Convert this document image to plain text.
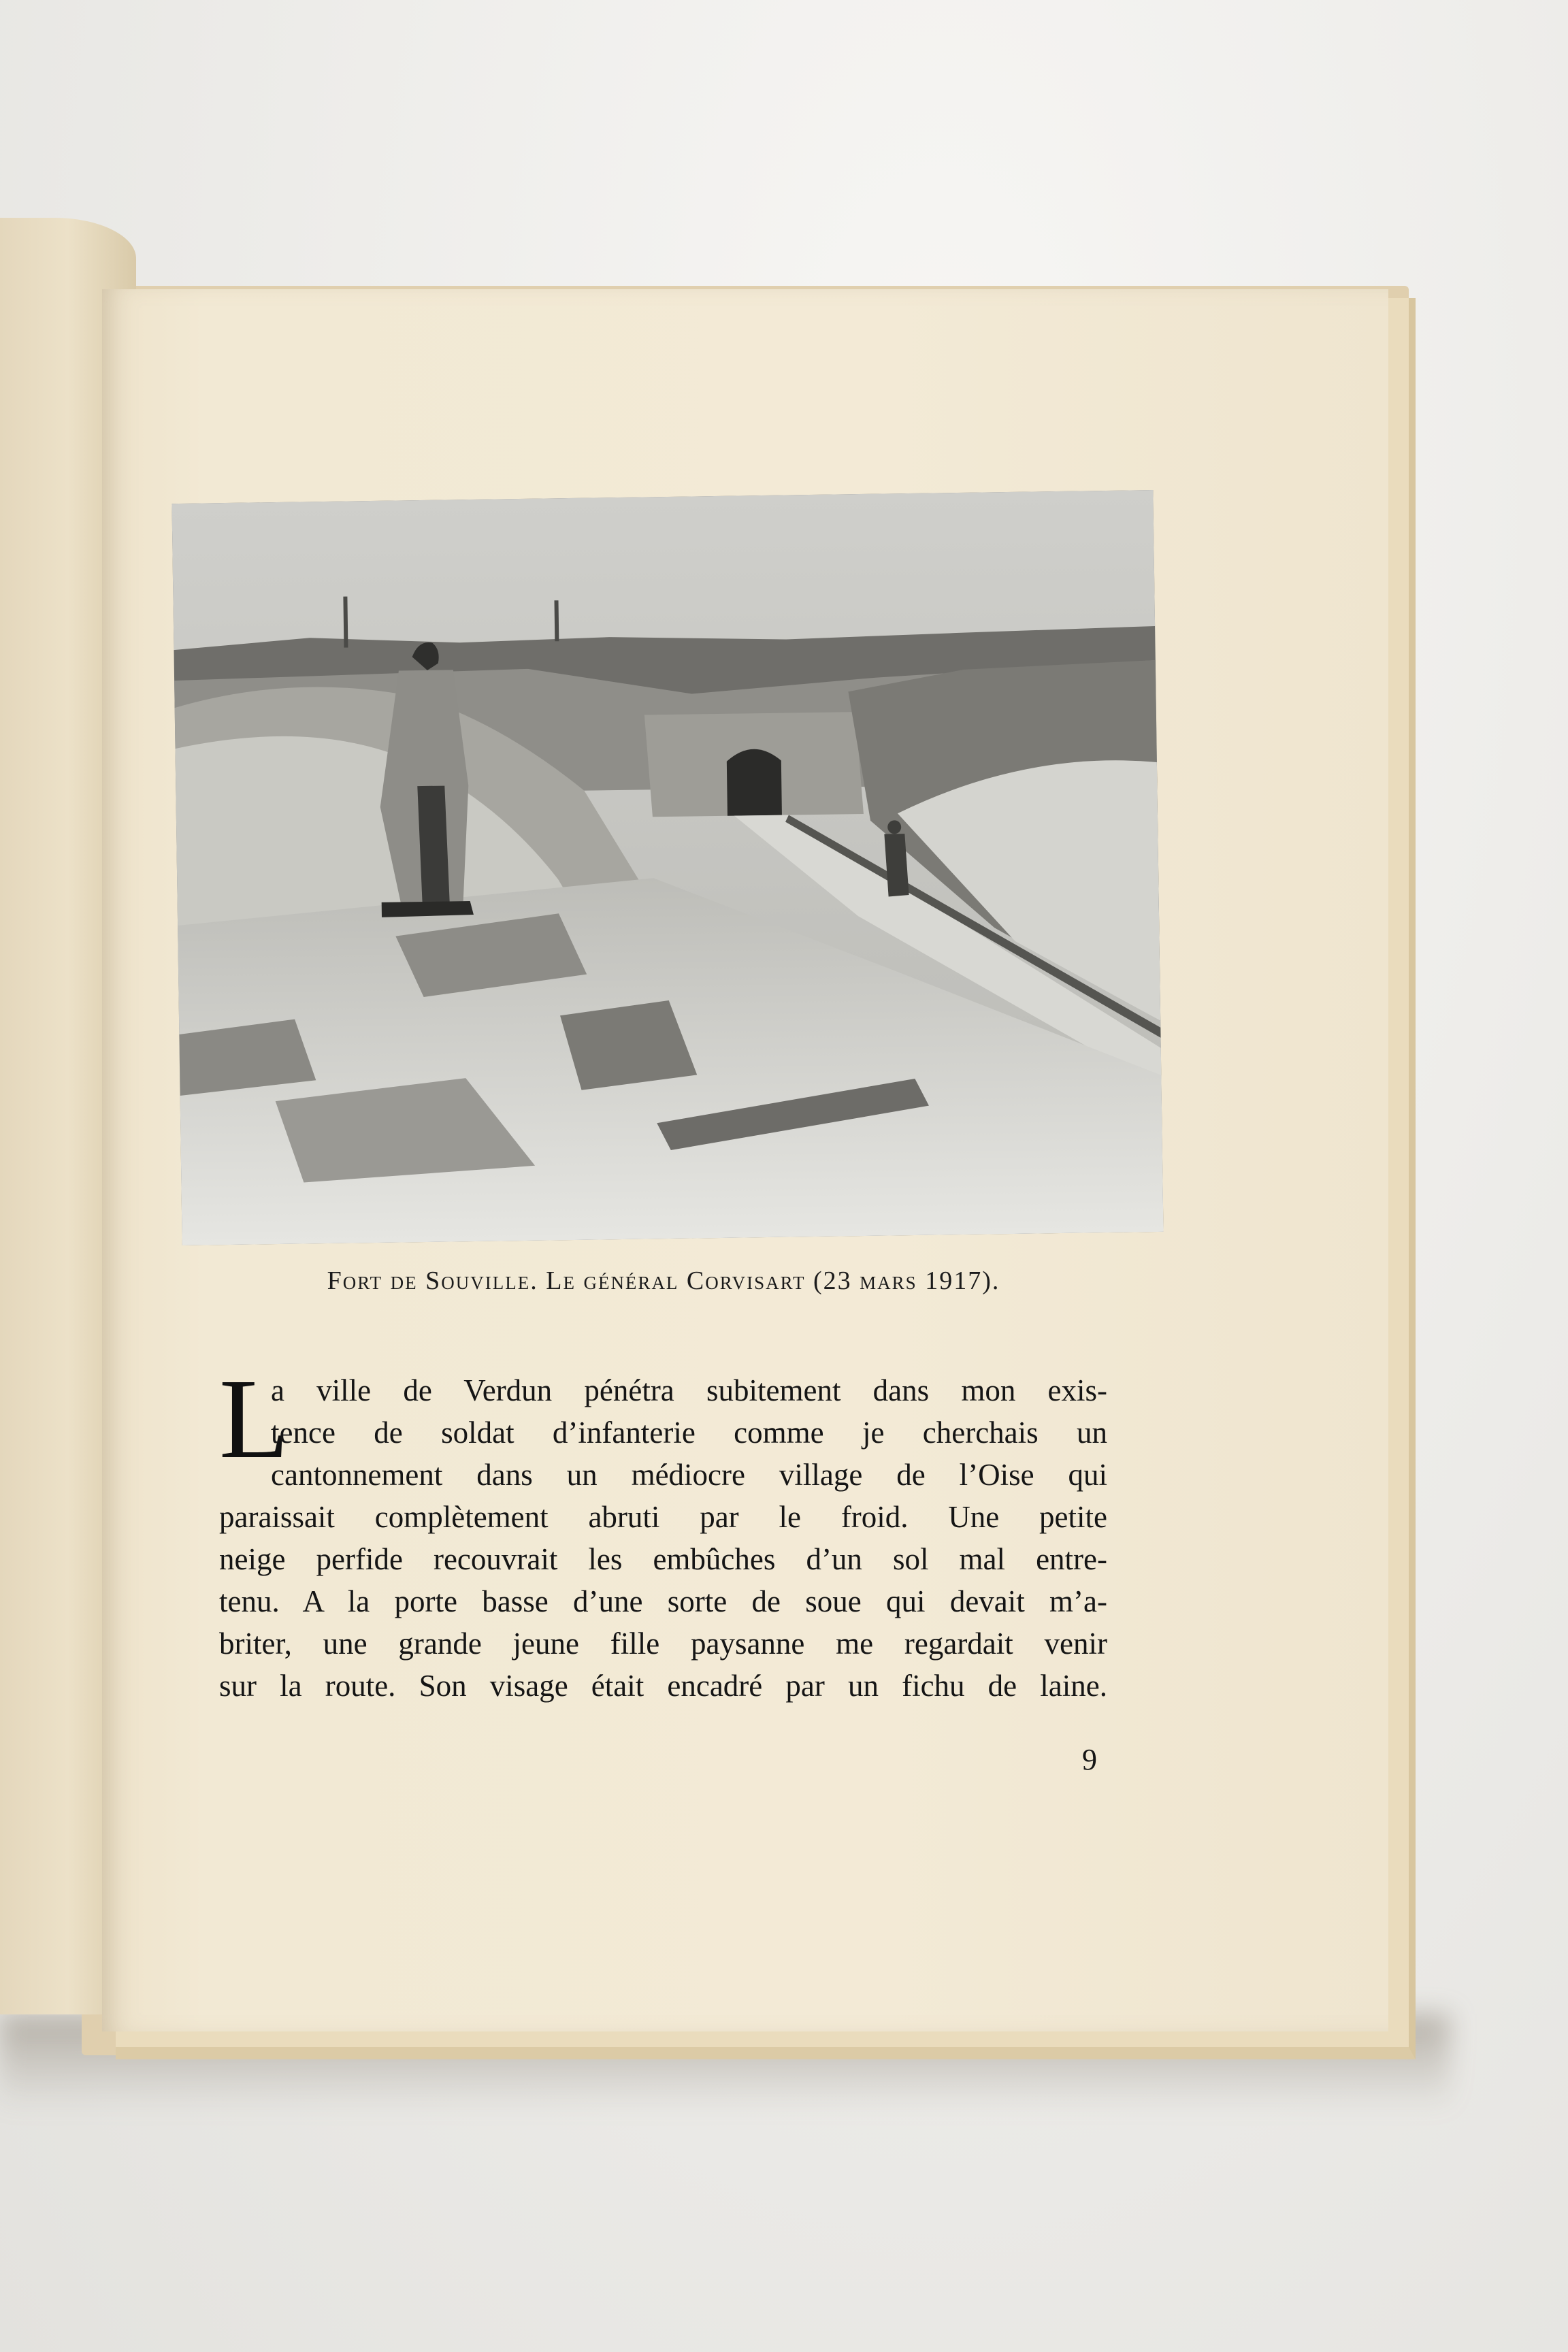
Fort de Souville. Le général Corvisart (23 mars 1917).
L
a ville de Verdun pénétra subitement dans mon exis-
tence de soldat d’infanterie comme je cherchais un
cantonnement dans un médiocre village de l’Oise qui
paraissait complètement abruti par le froid. Une petite
neige perfide recouvrait les embûches d’un sol mal entre-
tenu. A la porte basse d’une sorte de soue qui devait m’a-
briter, une grande jeune fille paysanne me regardait venir
sur la route. Son visage était encadré par un fichu de laine.
9
